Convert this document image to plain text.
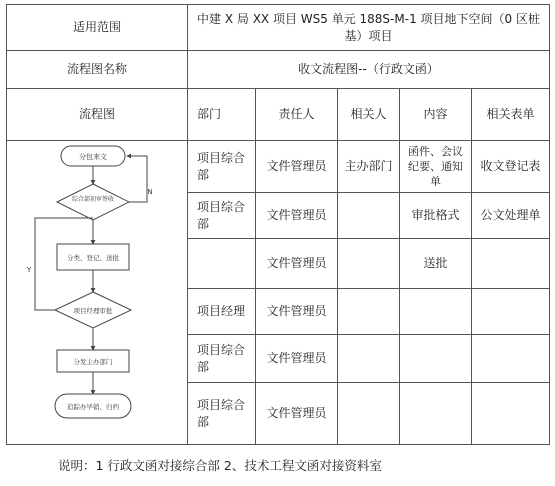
适用范围	中建 X 局 XX 项目 WS5 单元 188S-M-1 项目地下空间（0 区桩基）项目				
流程图名称	收文流程图--（行政文函）				
流程图	部门	责任人	相关人	内容	相关表单
	项目综合部	文件管理员	主办部门	函件、会议纪要、通知单	收文登记表
	项目综合部	文件管理员		审批格式	公文处理单
		文件管理员		送批	
	项目经理	文件管理员			
	项目综合部	文件管理员			
	项目综合部	文件管理员			
分包来文
综合部初审签收
分类、登记、送批
项目经理审批
分发主办部门
追踪办毕销、归档
N
Y
说明：1 行政文函对接综合部 2、技术工程文函对接资料室
